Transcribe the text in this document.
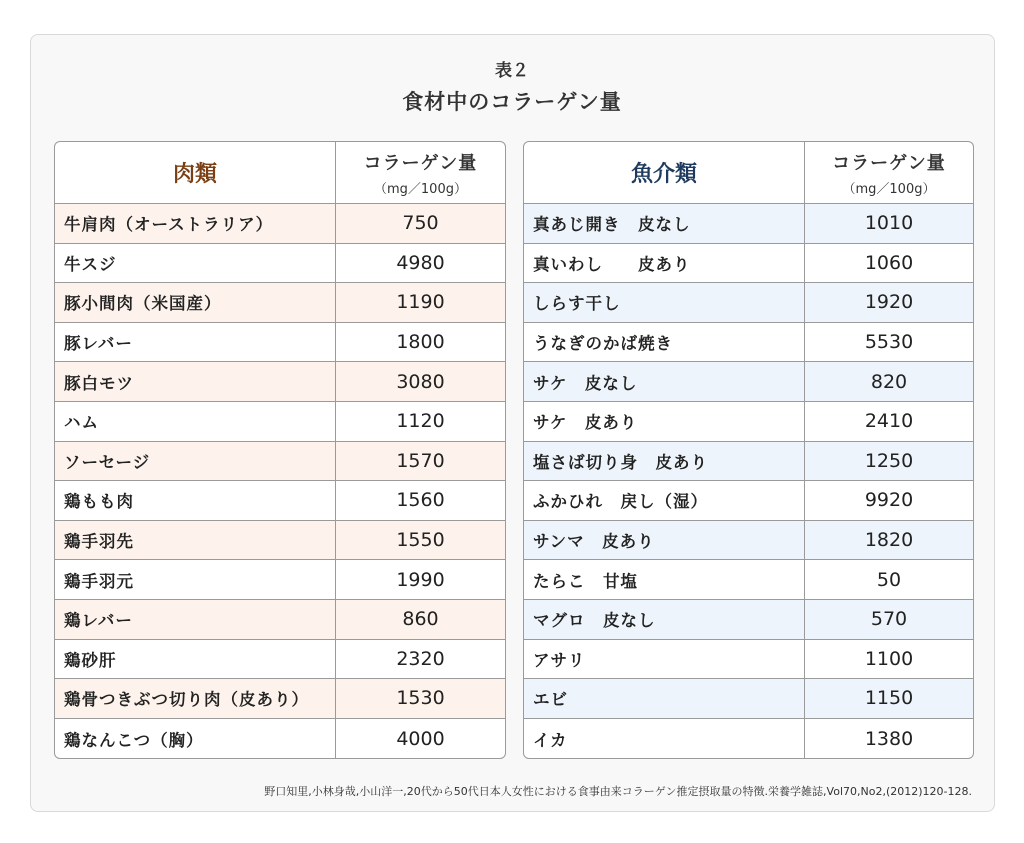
表２
食材中のコラーゲン量
肉類	コラーゲン量
（mg／100g）
牛肩肉（オーストラリア）	750
牛スジ	4980
豚小間肉（米国産）	1190
豚レバー	1800
豚白モツ	3080
ハム	1120
ソーセージ	1570
鶏もも肉	1560
鶏手羽先	1550
鶏手羽元	1990
鶏レバー	860
鶏砂肝	2320
鶏骨つきぶつ切り肉（皮あり）	1530
鶏なんこつ（胸）	4000
魚介類	コラーゲン量
（mg／100g）
真あじ開き　皮なし	1010
真いわし　　皮あり	1060
しらす干し	1920
うなぎのかば焼き	5530
サケ　皮なし	820
サケ　皮あり	2410
塩さば切り身　皮あり	1250
ふかひれ　戻し（湿）	9920
サンマ　皮あり	1820
たらこ　甘塩	50
マグロ　皮なし	570
アサリ	1100
エビ	1150
イカ	1380
野口知里,小林身哉,小山洋一,20代から50代日本人女性における食事由来コラーゲン推定摂取量の特徴.栄養学雑誌,Vol70,No2,(2012)120-128.
